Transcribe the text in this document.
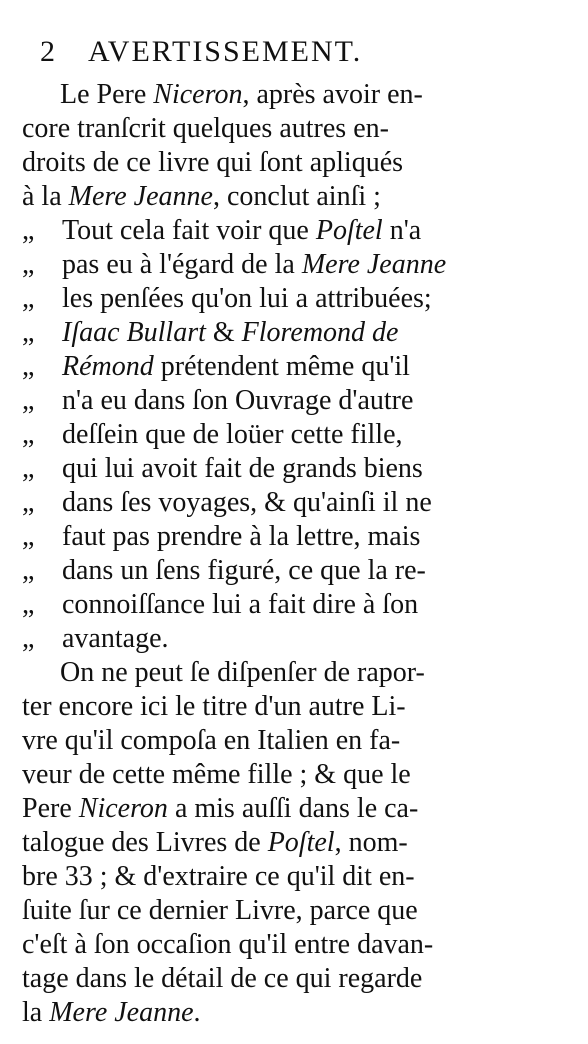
2 AVERTISSEMENT.
Le Pere Niceron, après avoir en-
core tranſcrit quelques autres en-
droits de ce livre qui ſont apliqués
à la Mere Jeanne, conclut ainſi ;
„Tout cela fait voir que Poſtel n'a
„pas eu à l'égard de la Mere Jeanne
„les penſées qu'on lui a attribuées;
„Iſaac Bullart & Floremond de
„Rémond prétendent même qu'il
„n'a eu dans ſon Ouvrage d'autre
„deſſein que de loüer cette fille,
„qui lui avoit fait de grands biens
„dans ſes voyages, & qu'ainſi il ne
„faut pas prendre à la lettre, mais
„dans un ſens figuré, ce que la re-
„connoiſſance lui a fait dire à ſon
„avantage.
On ne peut ſe diſpenſer de rapor-
ter encore ici le titre d'un autre Li-
vre qu'il compoſa en Italien en fa-
veur de cette même fille ; & que le
Pere Niceron a mis auſſi dans le ca-
talogue des Livres de Poſtel, nom-
bre 33 ; & d'extraire ce qu'il dit en-
ſuite ſur ce dernier Livre, parce que
c'eſt à ſon occaſion qu'il entre davan-
tage dans le détail de ce qui regarde
la Mere Jeanne.
